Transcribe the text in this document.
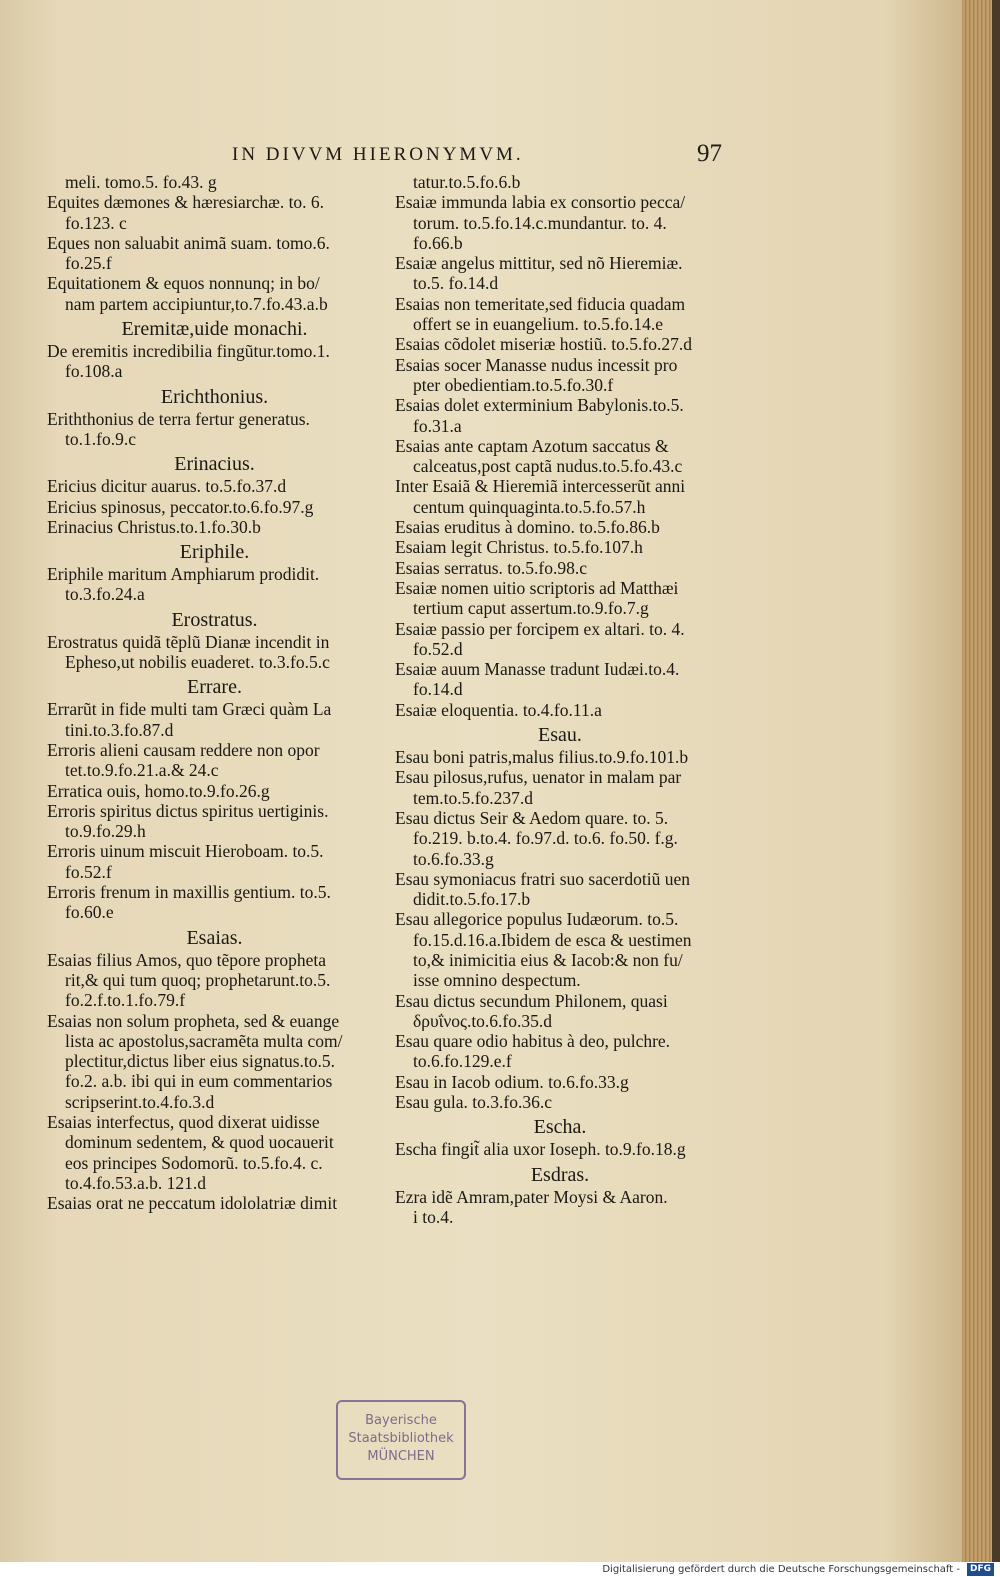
IN DIVVM HIERONYMVM.	97
meli. tomo.5. fo.43. g
Equites dæmones & hæresiarchæ. to. 6.
fo.123. c
Eques non saluabit animã suam. tomo.6.
fo.25.f
Equitationem & equos nonnunq; in bo/
nam partem accipiuntur,to.7.fo.43.a.b
Eremitæ,uide monachi.
De eremitis incredibilia fingũtur.tomo.1.
fo.108.a
Erichthonius.
Eriththonius de terra fertur generatus.
to.1.fo.9.c
Erinacius.
Ericius dicitur auarus. to.5.fo.37.d
Ericius spinosus, peccator.to.6.fo.97.g
Erinacius Christus.to.1.fo.30.b
Eriphile.
Eriphile maritum Amphiarum prodidit.
to.3.fo.24.a
Erostratus.
Erostratus quidã tẽplũ Dianæ incendit in
Epheso,ut nobilis euaderet. to.3.fo.5.c
Errare.
Errarũt in fide multi tam Græci quàm La
tini.to.3.fo.87.d
Erroris alieni causam reddere non opor
tet.to.9.fo.21.a.& 24.c
Erratica ouis, homo.to.9.fo.26.g
Erroris spiritus dictus spiritus uertiginis.
to.9.fo.29.h
Erroris uinum miscuit Hieroboam. to.5.
fo.52.f
Erroris frenum in maxillis gentium. to.5.
fo.60.e
Esaias.
Esaias filius Amos, quo tẽpore propheta
rit,& qui tum quoq; prophetarunt.to.5.
fo.2.f.to.1.fo.79.f
Esaias non solum propheta, sed & euange
lista ac apostolus,sacramẽta multa com/
plectitur,dictus liber eius signatus.to.5.
fo.2. a.b. ibi qui in eum commentarios
scripserint.to.4.fo.3.d
Esaias interfectus, quod dixerat uidisse
dominum sedentem, & quod uocauerit
eos principes Sodomorũ. to.5.fo.4. c.
to.4.fo.53.a.b. 121.d
Esaias orat ne peccatum idololatriæ dimit
tatur.to.5.fo.6.b
Esaiæ immunda labia ex consortio pecca/
torum. to.5.fo.14.c.mundantur. to. 4.
fo.66.b
Esaiæ angelus mittitur, sed nõ Hieremiæ.
to.5. fo.14.d
Esaias non temeritate,sed fiducia quadam
offert se in euangelium. to.5.fo.14.e
Esaias cõdolet miseriæ hostiũ. to.5.fo.27.d
Esaias socer Manasse nudus incessit pro
pter obedientiam.to.5.fo.30.f
Esaias dolet exterminium Babylonis.to.5.
fo.31.a
Esaias ante captam Azotum saccatus &
calceatus,post captã nudus.to.5.fo.43.c
Inter Esaiã & Hieremiã intercesserũt anni
centum quinquaginta.to.5.fo.57.h
Esaias eruditus à domino. to.5.fo.86.b
Esaiam legit Christus. to.5.fo.107.h
Esaias serratus. to.5.fo.98.c
Esaiæ nomen uitio scriptoris ad Matthæi
tertium caput assertum.to.9.fo.7.g
Esaiæ passio per forcipem ex altari. to. 4.
fo.52.d
Esaiæ auum Manasse tradunt Iudæi.to.4.
fo.14.d
Esaiæ eloquentia. to.4.fo.11.a
Esau.
Esau boni patris,malus filius.to.9.fo.101.b
Esau pilosus,rufus, uenator in malam par
tem.to.5.fo.237.d
Esau dictus Seir & Aedom quare. to. 5.
fo.219. b.to.4. fo.97.d. to.6. fo.50. f.g.
to.6.fo.33.g
Esau symoniacus fratri suo sacerdotiũ uen
didit.to.5.fo.17.b
Esau allegorice populus Iudæorum. to.5.
fo.15.d.16.a.Ibidem de esca & uestimen
to,& inimicitia eius & Iacob:& non fu/
isse omnino despectum.
Esau dictus secundum Philonem, quasi
δρυΐνος.to.6.fo.35.d
Esau quare odio habitus à deo, pulchre.
to.6.fo.129.e.f
Esau in Iacob odium. to.6.fo.33.g
Esau gula. to.3.fo.36.c
Escha.
Escha fingit̃ alia uxor Ioseph. to.9.fo.18.g
Esdras.
Ezra idẽ Amram,pater Moysi & Aaron.
i to.4.
Bayerische
Staatsbibliothek
MÜNCHEN
Digitalisierung gefördert durch die Deutsche Forschungsgemeinschaft -	DFG
